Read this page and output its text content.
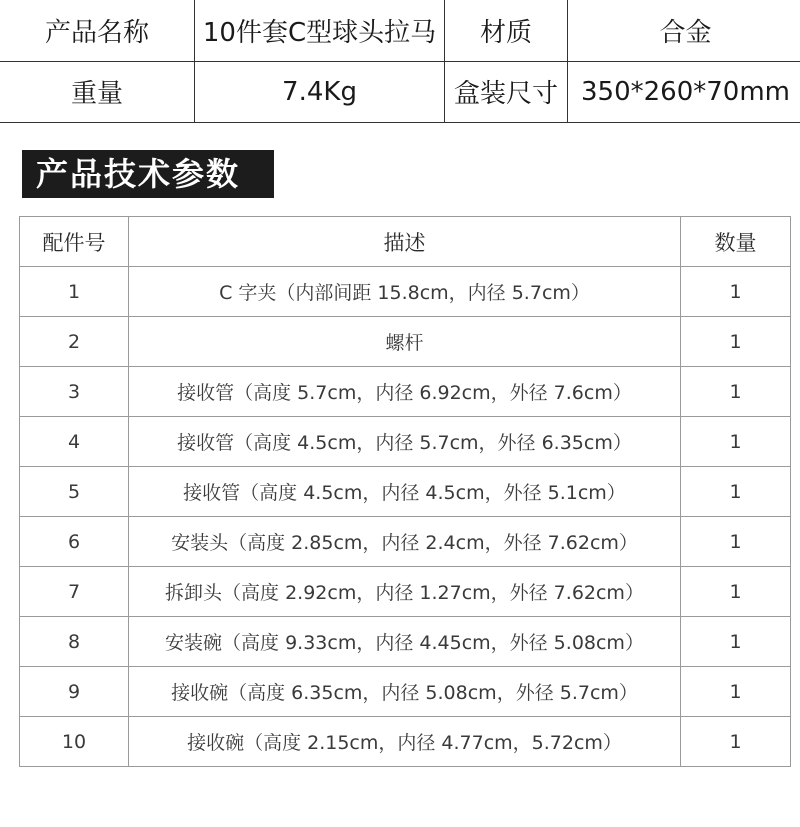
产品名称	10件套C型球头拉马	材质	合金
重量	7.4Kg	盒装尺寸	350*260*70mm
产品技术参数
配件号	描述	数量
1	C 字夹（内部间距 15.8cm，内径 5.7cm）	1
2	螺杆	1
3	接收管（高度 5.7cm，内径 6.92cm，外径 7.6cm）	1
4	接收管（高度 4.5cm，内径 5.7cm，外径 6.35cm）	1
5	接收管（高度 4.5cm，内径 4.5cm，外径 5.1cm）	1
6	安装头（高度 2.85cm，内径 2.4cm，外径 7.62cm）	1
7	拆卸头（高度 2.92cm，内径 1.27cm，外径 7.62cm）	1
8	安装碗（高度 9.33cm，内径 4.45cm，外径 5.08cm）	1
9	接收碗（高度 6.35cm，内径 5.08cm，外径 5.7cm）	1
10	接收碗（高度 2.15cm，内径 4.77cm，5.72cm）	1
